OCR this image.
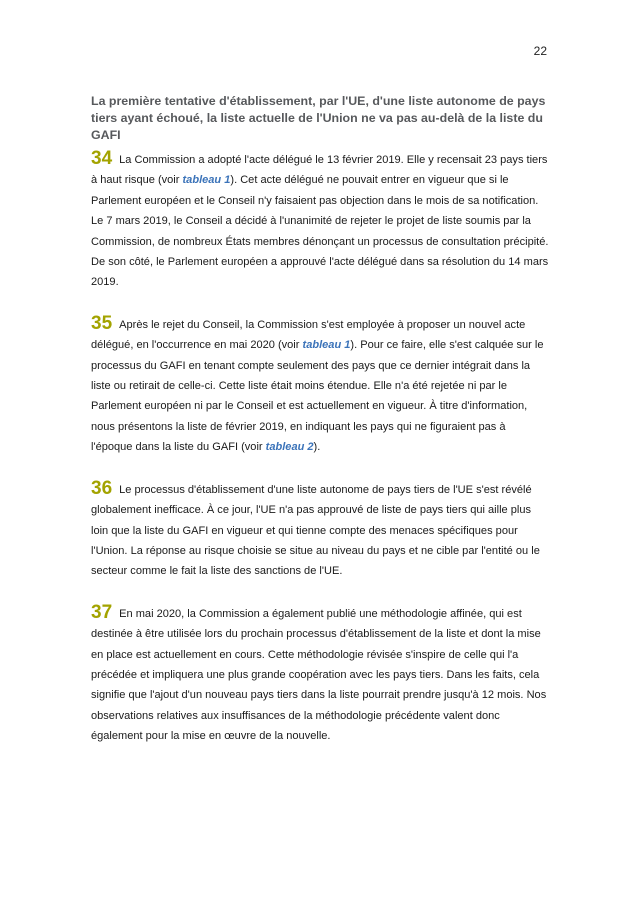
22
La première tentative d'établissement, par l'UE, d'une liste autonome de pays tiers ayant échoué, la liste actuelle de l'Union ne va pas au-delà de la liste du GAFI

34 La Commission a adopté l'acte délégué le 13 février 2019. Elle y recensait 23 pays tiers à haut risque (voir tableau 1). Cet acte délégué ne pouvait entrer en vigueur que si le Parlement européen et le Conseil n'y faisaient pas objection dans le mois de sa notification. Le 7 mars 2019, le Conseil a décidé à l'unanimité de rejeter le projet de liste soumis par la Commission, de nombreux États membres dénonçant un processus de consultation précipité. De son côté, le Parlement européen a approuvé l'acte délégué dans sa résolution du 14 mars 2019.

35 Après le rejet du Conseil, la Commission s'est employée à proposer un nouvel acte délégué, en l'occurrence en mai 2020 (voir tableau 1). Pour ce faire, elle s'est calquée sur le processus du GAFI en tenant compte seulement des pays que ce dernier intégrait dans la liste ou retirait de celle-ci. Cette liste était moins étendue. Elle n'a été rejetée ni par le Parlement européen ni par le Conseil et est actuellement en vigueur. À titre d'information, nous présentons la liste de février 2019, en indiquant les pays qui ne figuraient pas à l'époque dans la liste du GAFI (voir tableau 2).

36 Le processus d'établissement d'une liste autonome de pays tiers de l'UE s'est révélé globalement inefficace. À ce jour, l'UE n'a pas approuvé de liste de pays tiers qui aille plus loin que la liste du GAFI en vigueur et qui tienne compte des menaces spécifiques pour l'Union. La réponse au risque choisie se situe au niveau du pays et ne cible par l'entité ou le secteur comme le fait la liste des sanctions de l'UE.

37 En mai 2020, la Commission a également publié une méthodologie affinée, qui est destinée à être utilisée lors du prochain processus d'établissement de la liste et dont la mise en place est actuellement en cours. Cette méthodologie révisée s'inspire de celle qui l'a précédée et impliquera une plus grande coopération avec les pays tiers. Dans les faits, cela signifie que l'ajout d'un nouveau pays tiers dans la liste pourrait prendre jusqu'à 12 mois. Nos observations relatives aux insuffisances de la méthodologie précédente valent donc également pour la mise en œuvre de la nouvelle.
